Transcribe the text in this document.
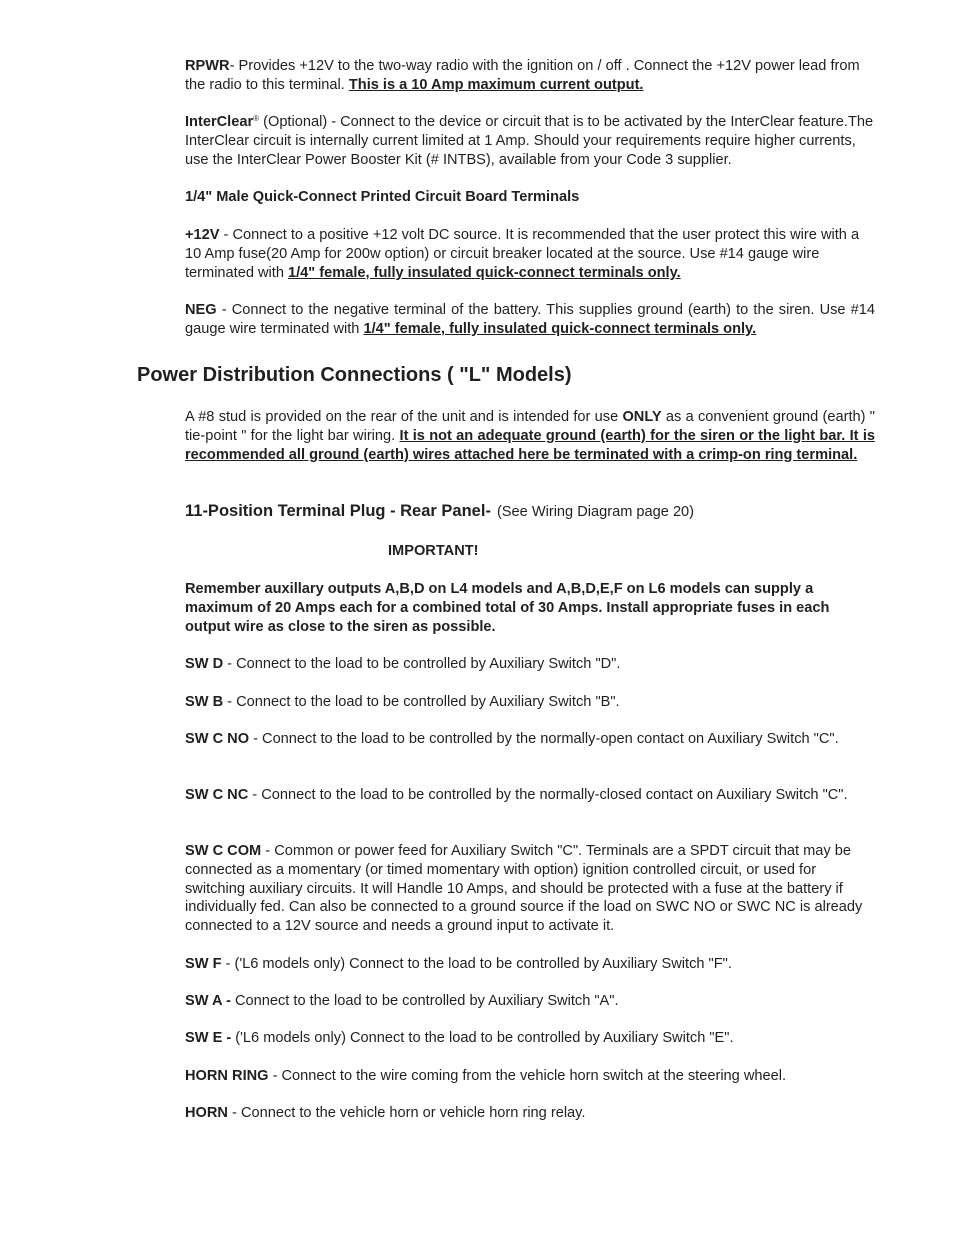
RPWR- Provides +12V to the two-way radio with the ignition on / off . Connect the +12V power lead from the radio to this terminal. This is a 10 Amp maximum current output.

InterClear® (Optional) - Connect to the device or circuit that is to be activated by the InterClear feature.The InterClear circuit is internally current limited at 1 Amp. Should your requirements require higher currents, use the InterClear Power Booster Kit (# INTBS), available from your Code 3 supplier.

1/4" Male Quick-Connect Printed Circuit Board Terminals

+12V - Connect to a positive +12 volt DC source. It is recommended that the user protect this wire with a 10 Amp fuse(20 Amp for 200w option) or circuit breaker located at the source. Use #14 gauge wire terminated with 1/4" female, fully insulated quick-connect terminals only.

NEG - Connect to the negative terminal of the battery. This supplies ground (earth) to the siren. Use #14 gauge wire terminated with 1/4" female, fully insulated quick-connect terminals only.

Power Distribution Connections ( "L" Models)

A #8 stud is provided on the rear of the unit and is intended for use ONLY as a convenient ground (earth) " tie-point " for the light bar wiring. It is not an adequate ground (earth) for the siren or the light bar. It is recommended all ground (earth) wires attached here be terminated with a crimp-on ring terminal.

11-Position Terminal Plug - Rear Panel- (See Wiring Diagram page 20)
IMPORTANT!

Remember auxillary outputs A,B,D on L4 models and A,B,D,E,F on L6 models can supply a maximum of 20 Amps each for a combined total of 30 Amps. Install appropriate fuses in each output wire as close to the siren as possible.

SW D - Connect to the load to be controlled by Auxiliary Switch "D".

SW B - Connect to the load to be controlled by Auxiliary Switch "B".

SW C NO - Connect to the load to be controlled by the normally-open contact on Auxiliary Switch "C".

SW C NC - Connect to the load to be controlled by the normally-closed contact on Auxiliary Switch "C".

SW C COM - Common or power feed for Auxiliary Switch "C". Terminals are a SPDT circuit that may be connected as a momentary (or timed momentary with option) ignition controlled circuit, or used for switching auxiliary circuits. It will Handle 10 Amps, and should be protected with a fuse at the battery if individually fed. Can also be connected to a ground source if the load on SWC NO or SWC NC is already connected to a 12V source and needs a ground input to activate it.

SW F - ('L6 models only) Connect to the load to be controlled by Auxiliary Switch "F".

SW A - Connect to the load to be controlled by Auxiliary Switch "A".

SW E - ('L6 models only) Connect to the load to be controlled by Auxiliary Switch "E".

HORN RING - Connect to the wire coming from the vehicle horn switch at the steering wheel.

HORN - Connect to the vehicle horn or vehicle horn ring relay.
